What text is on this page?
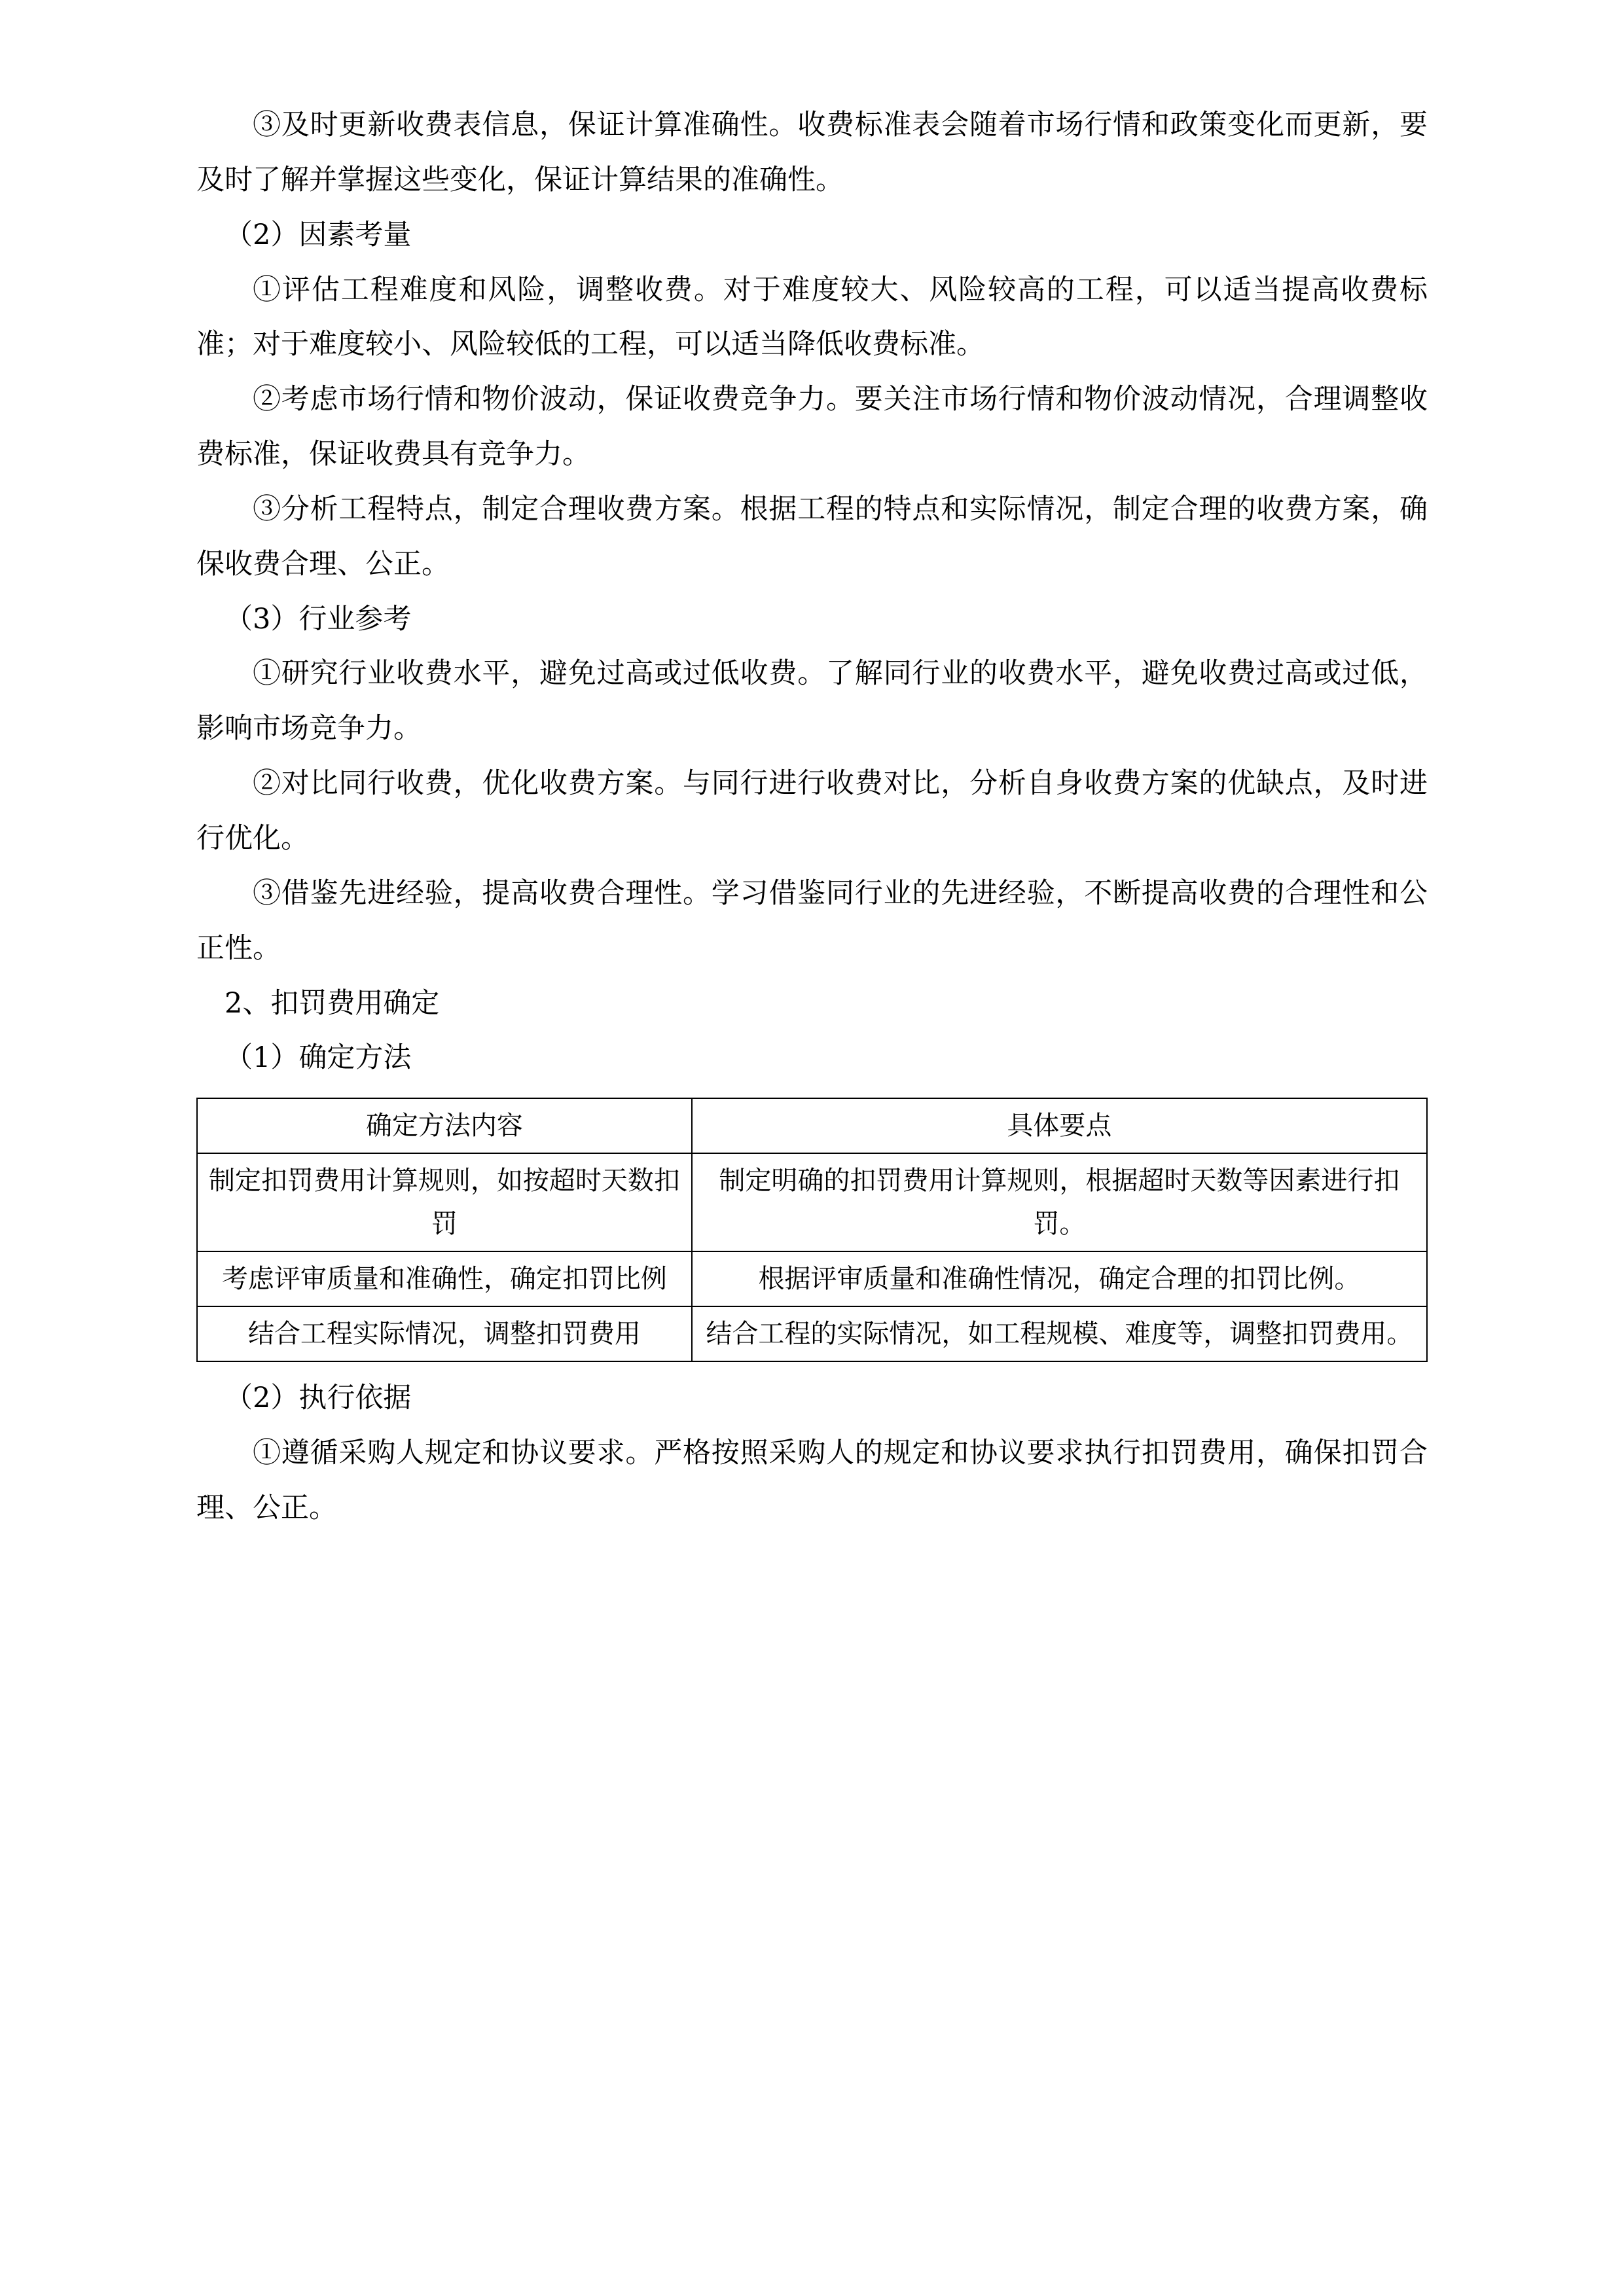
③及时更新收费表信息，保证计算准确性。收费标准表会随着市场行情和政策变化而更新，要及时了解并掌握这些变化，保证计算结果的准确性。

（2）因素考量

①评估工程难度和风险，调整收费。对于难度较大、风险较高的工程，可以适当提高收费标准；对于难度较小、风险较低的工程，可以适当降低收费标准。

②考虑市场行情和物价波动，保证收费竞争力。要关注市场行情和物价波动情况，合理调整收费标准，保证收费具有竞争力。

③分析工程特点，制定合理收费方案。根据工程的特点和实际情况，制定合理的收费方案，确保收费合理、公正。

（3）行业参考

①研究行业收费水平，避免过高或过低收费。了解同行业的收费水平，避免收费过高或过低，影响市场竞争力。

②对比同行收费，优化收费方案。与同行进行收费对比，分析自身收费方案的优缺点，及时进行优化。

③借鉴先进经验，提高收费合理性。学习借鉴同行业的先进经验，不断提高收费的合理性和公正性。

2、扣罚费用确定

（1）确定方法

确定方法内容	具体要点
制定扣罚费用计算规则，如按超时天数扣罚	制定明确的扣罚费用计算规则，根据超时天数等因素进行扣罚。
考虑评审质量和准确性，确定扣罚比例	根据评审质量和准确性情况，确定合理的扣罚比例。
结合工程实际情况，调整扣罚费用	结合工程的实际情况，如工程规模、难度等，调整扣罚费用。

（2）执行依据

①遵循采购人规定和协议要求。严格按照采购人的规定和协议要求执行扣罚费用，确保扣罚合理、公正。
